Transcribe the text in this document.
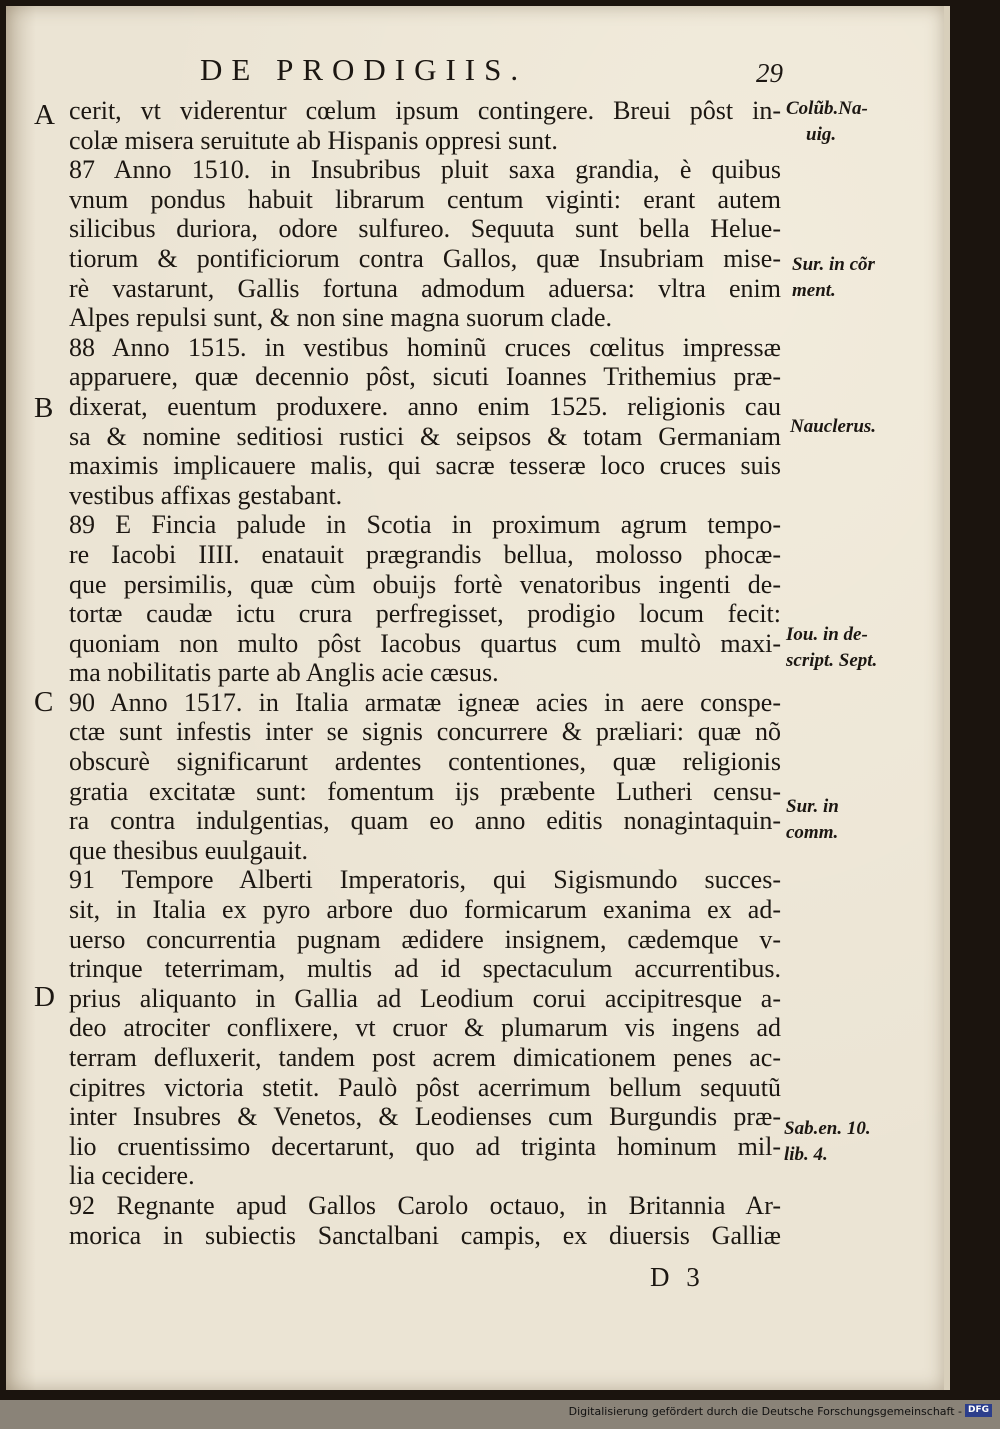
DE PRODIGIIS.	29
A
B
C
D
cerit, vt viderentur cœlum ipsum contingere. Breui pôst in-
colæ misera seruitute ab Hispanis oppresi sunt.
87 Anno 1510. in Insubribus pluit saxa grandia, è quibus
vnum pondus habuit librarum centum viginti: erant autem
silicibus duriora, odore sulfureo. Sequuta sunt bella Helue-
tiorum & pontificiorum contra Gallos, quæ Insubriam mise-
rè vastarunt, Gallis fortuna admodum aduersa: vltra enim
Alpes repulsi sunt, & non sine magna suorum clade.
88 Anno 1515. in vestibus hominũ cruces cœlitus impressæ
apparuere, quæ decennio pôst, sicuti Ioannes Trithemius præ-
dixerat, euentum produxere. anno enim 1525. religionis cau
sa & nomine seditiosi rustici & seipsos & totam Germaniam
maximis implicauere malis, qui sacræ tesseræ loco cruces suis
vestibus affixas gestabant.
89 E Fincia palude in Scotia in proximum agrum tempo-
re Iacobi IIII. enatauit prægrandis bellua, molosso phocæ-
que persimilis, quæ cùm obuijs fortè venatoribus ingenti de-
tortæ caudæ ictu crura perfregisset, prodigio locum fecit:
quoniam non multo pôst Iacobus quartus cum multò maxi-
ma nobilitatis parte ab Anglis acie cæsus.
90 Anno 1517. in Italia armatæ igneæ acies in aere conspe-
ctæ sunt infestis inter se signis concurrere & præliari: quæ nõ
obscurè significarunt ardentes contentiones, quæ religionis
gratia excitatæ sunt: fomentum ijs præbente Lutheri censu-
ra contra indulgentias, quam eo anno editis nonagintaquin-
que thesibus euulgauit.
91 Tempore Alberti Imperatoris, qui Sigismundo succes-
sit, in Italia ex pyro arbore duo formicarum exanima ex ad-
uerso concurrentia pugnam ædidere insignem, cædemque v-
trinque teterrimam, multis ad id spectaculum accurrentibus.
prius aliquanto in Gallia ad Leodium corui accipitresque a-
deo atrociter conflixere, vt cruor & plumarum vis ingens ad
terram defluxerit, tandem post acrem dimicationem penes ac-
cipitres victoria stetit. Paulò pôst acerrimum bellum sequutũ
inter Insubres & Venetos, & Leodienses cum Burgundis præ-
lio cruentissimo decertarunt, quo ad triginta hominum mil-
lia cecidere.
92 Regnante apud Gallos Carolo octauo, in Britannia Ar-
morica in subiectis Sanctalbani campis, ex diuersis Galliæ
Colũb.Na-
uig.
Sur. in cõr
ment.
Nauclerus.
Iou. in de-
script. Sept.
Sur. in
comm.
Sab.en. 10.
lib. 4.
D 3
Digitalisierung gefördert durch die Deutsche Forschungsgemeinschaft - DFG
